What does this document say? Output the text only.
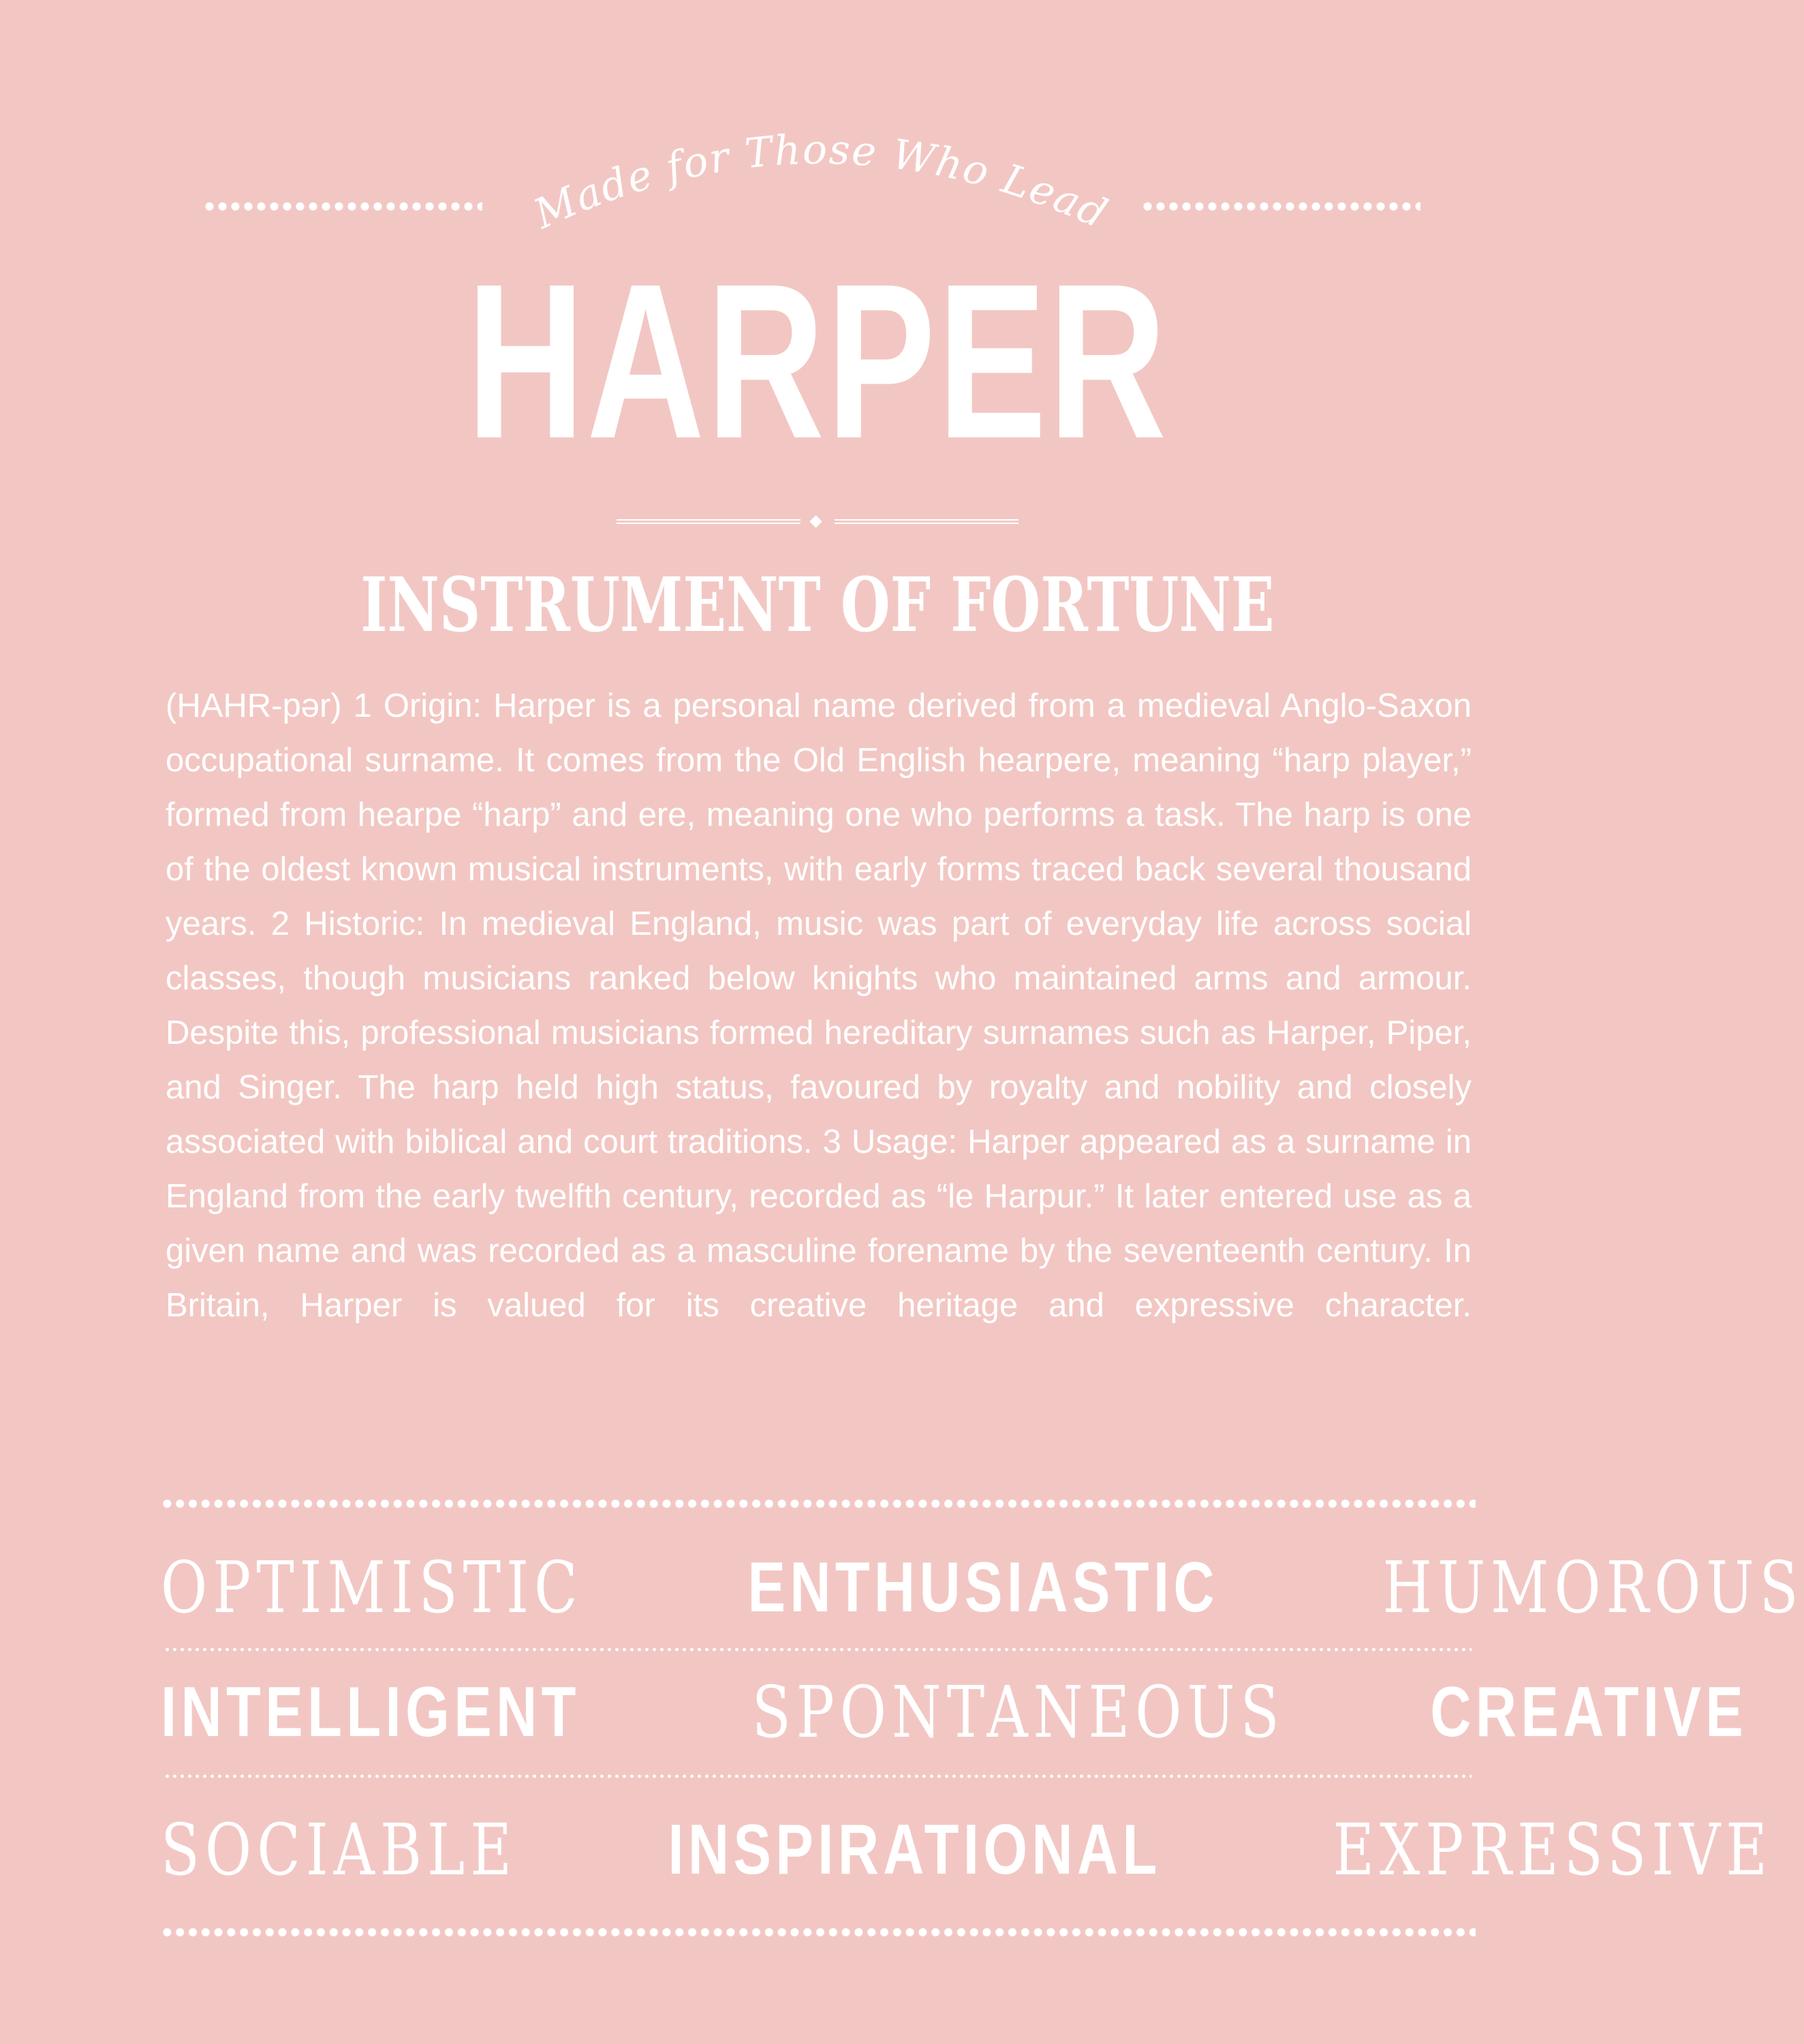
Made for Those Who Lead
HARPER
INSTRUMENT OF FORTUNE

(HAHR-pər) 1 Origin: Harper is a personal name derived from a medieval Anglo-Saxon occupational surname. It comes from the Old English hearpere, meaning “harp player,” formed from hearpe “harp” and ere, meaning one who performs a task. The harp is one of the oldest known musical instruments, with early forms traced back several thousand years. 2 Historic: In medieval England, music was part of everyday life across social classes, though musicians ranked below knights who maintained arms and armour. Despite this, professional musicians formed hereditary surnames such as Harper, Piper, and Singer. The harp held high status, favoured by royalty and nobility and closely associated with biblical and court traditions. 3 Usage: Harper appeared as a surname in England from the early twelfth century, recorded as “le Harpur.” It later entered use as a given name and was recorded as a masculine forename by the seventeenth century. In Britain, Harper is valued for its creative heritage and expressive character.

OPTIMISTIC ENTHUSIASTIC HUMOROUS
INTELLIGENT SPONTANEOUS CREATIVE
SOCIABLE INSPIRATIONAL EXPRESSIVE
